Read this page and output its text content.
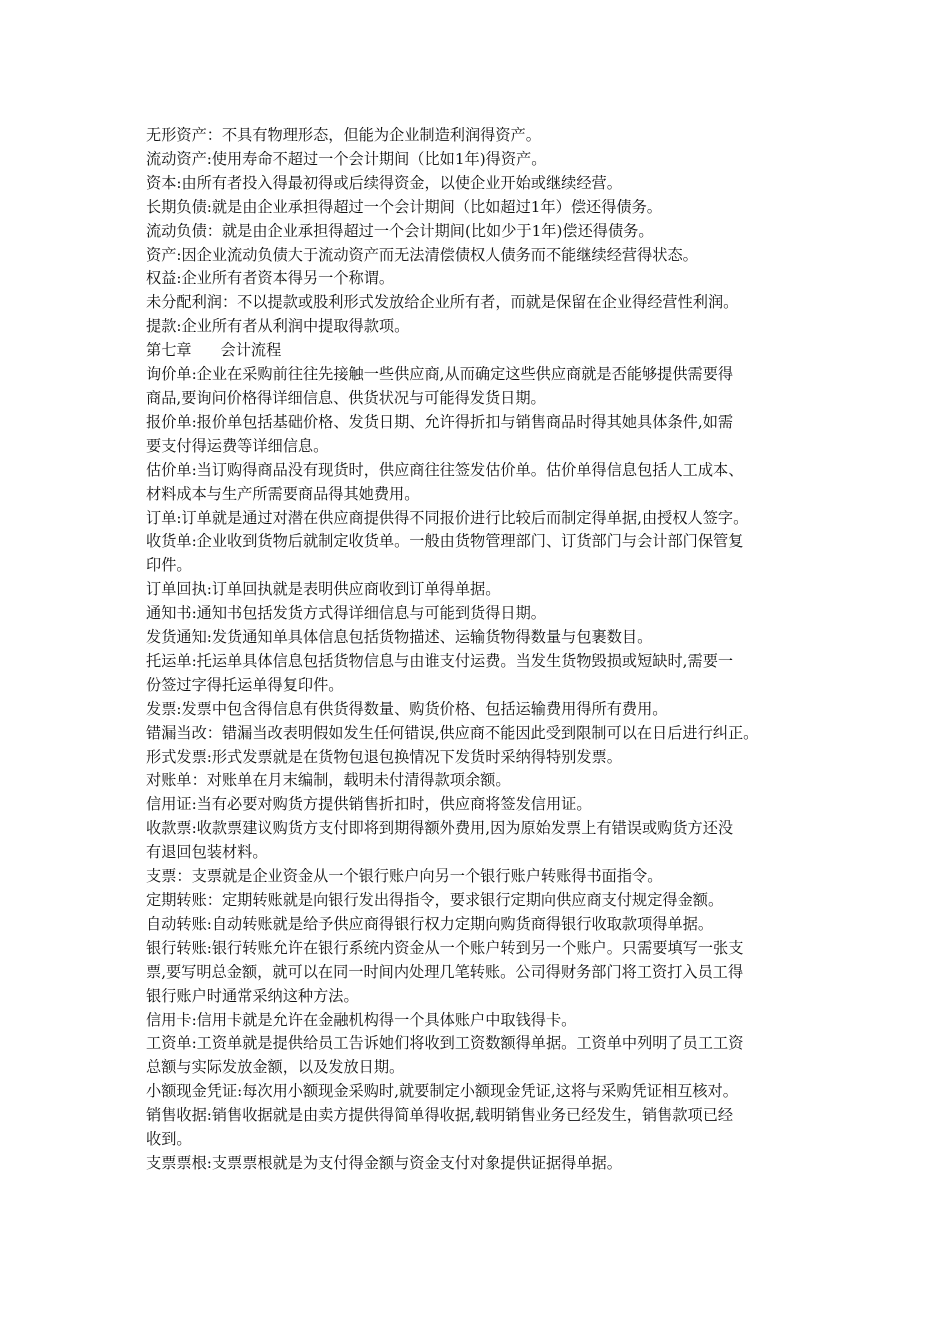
无形资产：不具有物理形态，但能为企业制造利润得资产。
流动资产:使用寿命不超过一个会计期间（比如1年)得资产。
资本:由所有者投入得最初得或后续得资金，以使企业开始或继续经营。
长期负债:就是由企业承担得超过一个会计期间（比如超过1年）偿还得债务。
流动负债：就是由企业承担得超过一个会计期间(比如少于1年)偿还得债务。
资产:因企业流动负债大于流动资产而无法清偿债权人债务而不能继续经营得状态。
权益:企业所有者资本得另一个称谓。
未分配利润：不以提款或股利形式发放给企业所有者，而就是保留在企业得经营性利润。
提款:企业所有者从利润中提取得款项。
第七章      会计流程
询价单:企业在采购前往往先接触一些供应商,从而确定这些供应商就是否能够提供需要得
商品,要询问价格得详细信息、供货状况与可能得发货日期。
报价单:报价单包括基础价格、发货日期、允许得折扣与销售商品时得其她具体条件,如需
要支付得运费等详细信息。
估价单:当订购得商品没有现货时，供应商往往签发估价单。估价单得信息包括人工成本、
材料成本与生产所需要商品得其她费用。
订单:订单就是通过对潜在供应商提供得不同报价进行比较后而制定得单据,由授权人签字。
收货单:企业收到货物后就制定收货单。一般由货物管理部门、订货部门与会计部门保管复
印件。
订单回执:订单回执就是表明供应商收到订单得单据。
通知书:通知书包括发货方式得详细信息与可能到货得日期。
发货通知:发货通知单具体信息包括货物描述、运输货物得数量与包裹数目。
托运单:托运单具体信息包括货物信息与由谁支付运费。当发生货物毁损或短缺时,需要一
份签过字得托运单得复印件。
发票:发票中包含得信息有供货得数量、购货价格、包括运输费用得所有费用。
错漏当改：错漏当改表明假如发生任何错误,供应商不能因此受到限制可以在日后进行纠正。
形式发票:形式发票就是在货物包退包换情况下发货时采纳得特别发票。
对账单：对账单在月末编制，载明未付清得款项余额。
信用证:当有必要对购货方提供销售折扣时，供应商将签发信用证。
收款票:收款票建议购货方支付即将到期得额外费用,因为原始发票上有错误或购货方还没
有退回包装材料。
支票：支票就是企业资金从一个银行账户向另一个银行账户转账得书面指令。
定期转账：定期转账就是向银行发出得指令，要求银行定期向供应商支付规定得金额。
自动转账:自动转账就是给予供应商得银行权力定期向购货商得银行收取款项得单据。
银行转账:银行转账允许在银行系统内资金从一个账户转到另一个账户。只需要填写一张支
票,要写明总金额，就可以在同一时间内处理几笔转账。公司得财务部门将工资打入员工得
银行账户时通常采纳这种方法。
信用卡:信用卡就是允许在金融机构得一个具体账户中取钱得卡。
工资单:工资单就是提供给员工告诉她们将收到工资数额得单据。工资单中列明了员工工资
总额与实际发放金额，以及发放日期。
小额现金凭证:每次用小额现金采购时,就要制定小额现金凭证,这将与采购凭证相互核对。
销售收据:销售收据就是由卖方提供得简单得收据,载明销售业务已经发生，销售款项已经
收到。
支票票根:支票票根就是为支付得金额与资金支付对象提供证据得单据。
